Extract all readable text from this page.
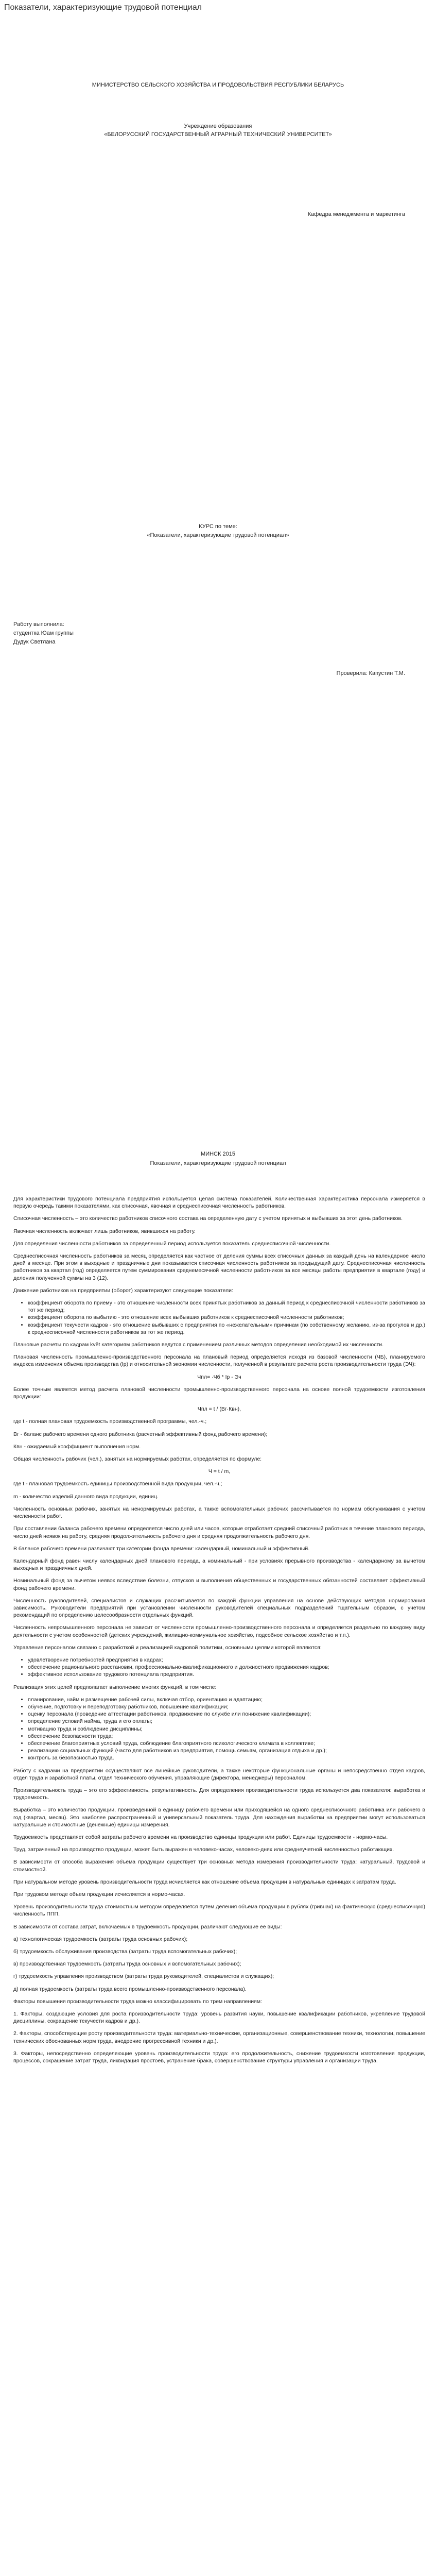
Показатели, характеризующие трудовой потенциал
МИНИСТЕРСТВО СЕЛЬСКОГО ХОЗЯЙСТВА И ПРОДОВОЛЬСТВИЯ РЕСПУБЛИКИ БЕЛАРУСЬ
Учреждение образования
«БЕЛОРУССКИЙ ГОСУДАРСТВЕННЫЙ АГРАРНЫЙ ТЕХНИЧЕСКИЙ УНИВЕРСИТЕТ»
Кафедра менеджмента и маркетинга
КУРС по теме:
«Показатели, характеризующие трудовой потенциал»
Работу выполнила:
студентка Юам группы
Дудук Светлана
Проверила: Капустин Т.М.
МИНСК 2015
Показатели, характеризующие трудовой потенциал

Для характеристики трудового потенциала предприятия используется целая система показателей. Количественная характеристика персонала измеряется в первую очередь такими показателями, как списочная, явочная и среднесписочная численность работников.

Списочная численность – это количество работников списочного состава на определенную дату с учетом принятых и выбывших за этот день работников.

Явочная численность включает лишь работников, явившихся на работу.

Для определения численности работников за определенный период используется показатель среднесписочной численности.

Среднесписочная численность работников за месяц определяется как частное от деления суммы всех списочных данных за каждый день на календарное число дней в месяце. При этом в выходные и праздничные дни показывается списочная численность работников за предыдущий дату. Среднесписочная численность работников за квартал (год) определяется путем суммирования среднемесячной численности работников за все месяцы работы предприятия в квартале (году) и деления полученной суммы на 3 (12).

Движение работников на предприятии (оборот) характеризуют следующие показатели:

• коэффициент оборота по приему - это отношение численности всех принятых работников за данный период к среднесписочной численности работников за тот же период;
• коэффициент оборота по выбытию - это отношение всех выбывших работников к среднесписочной численности работников;
• коэффициент текучести кадров - это отношение выбывших с предприятия по «нежелательным» причинам (по собственному желанию, из-за прогулов и др.) к среднесписочной численности работников за тот же период.

Плановые расчеты по кадрам květ категориям работников ведутся с применением различных методов определения необходимой их численности.

Плановая численность промышленно-производственного персонала на плановый период определяется исходя из базовой численности (ЧБ), планируемого индекса изменения объема производства (Ip) и относительной экономии численности, полученной в результате расчета роста производительности труда (ЭЧ):

Чпл= ·Чб * Ip - Эч

Более точным является метод расчета плановой численности промышленно-производственного персонала на основе полной трудоемкости изготовления продукции:

Чпл = t / (Вг·Квн),

где t - полная плановая трудоемкость производственной программы, чел.-ч.;

Вг - баланс рабочего времени одного работника (расчетный эффективный фонд рабочего времени);

Квн - ожидаемый коэффициент выполнения норм.

Общая численность рабочих (чел.), занятых на нормируемых работах, определяется по формуле:

Ч = t / m,

где t - плановая трудоемкость единицы производственной вида продукции, чел.-ч.;

m - количество изделий данного вида продукции, единиц.

Численность основных рабочих, занятых на ненормируемых работах, а также вспомогательных рабочих рассчитывается по нормам обслуживания с учетом численности работ.

При составлении баланса рабочего времени определяется число дней или часов, которые отработает средний списочный работник в течение планового периода, число дней неявок на работу, средняя продолжительность рабочего дня и средняя продолжительность рабочего дня.

В балансе рабочего времени различают три категории фонда времени: календарный, номинальный и эффективный.

Календарный фонд равен числу календарных дней планового периода, а номинальный - при условиях прерывного производства - календарному за вычетом выходных и праздничных дней.

Номинальный фонд за вычетом неявок вследствие болезни, отпусков и выполнения общественных и государственных обязанностей составляет эффективный фонд рабочего времени.

Численность руководителей, специалистов и служащих рассчитывается по каждой функции управления на основе действующих методов нормирования зависимость. Руководители предприятий при установлении численности руководителей специальных подразделений тщательным образом, с учетом рекомендаций по определению целесообразности отдельных функций.

Численность непромышленного персонала не зависит от численности промышленно-производственного персонала и определяется раздельно по каждому виду деятельности с учетом особенностей (детских учреждений, жилищно-коммунальное хозяйство, подсобное сельское хозяйство и т.п.).

Управление персоналом связано с разработкой и реализацией кадровой политики, основными целями которой являются:

• удовлетворение потребностей предприятия в кадрах;
• обеспечение рационального расстановки, профессионально-квалификационного и должностного продвижения кадров;
• эффективное использование трудового потенциала предприятия.

Реализация этих целей предполагает выполнение многих функций, в том числе:

• планирование, найм и размещение рабочей силы, включая отбор, ориентацию и адаптацию;
• обучение, подготовку и переподготовку работников, повышение квалификации;
• оценку персонала (проведение аттестации работников, продвижение по службе или понижение квалификации);
• определение условий найма, труда и его оплаты;
• мотивацию труда и соблюдение дисциплины;
• обеспечение безопасности труда;
• обеспечение благоприятных условий труда, соблюдение благоприятного психологического климата в коллективе;
• реализацию социальных функций (часто для работников из предприятия, помощь семьям, организация отдыха и др.);
• контроль за безопасностью труда.

Работу с кадрами на предприятии осуществляют все линейные руководители, а также некоторые функциональные органы и непосредственно отдел кадров, отдел труда и заработной платы, отдел технического обучения, управляющие (директора, менеджеры) персоналом.

Производительность труда – это его эффективность, результативность. Для определения производительности труда используется два показателя: выработка и трудоемкость.

Выработка – это количество продукции, произведенной в единицу рабочего времени или приходящейся на одного среднесписочного работника или рабочего в год (квартал, месяц). Это наиболее распространенный и универсальный показатель труда. Для нахождения выработки на предприятии могут использоваться натуральные и стоимостные (денежные) единицы измерения.

Трудоемкость представляет собой затраты рабочего времени на производство единицы продукции или работ. Единицы трудоемкости - нормо-часы.

Труд, затраченный на производство продукции, может быть выражен в человеко-часах, человеко-днях или среднеучетной численностью работающих.

В зависимости от способа выражения объема продукции существует три основных метода измерения производительности труда: натуральный, трудовой и стоимостной.

При натуральном методе уровень производительности труда исчисляется как отношение объема продукции в натуральных единицах к затратам труда.

При трудовом методе объем продукции исчисляется в нормо-часах.

Уровень производительности труда стоимостным методом определяется путем деления объема продукции в рублях (гривнах) на фактическую (среднесписочную) численность ППП.

В зависимости от состава затрат, включаемых в трудоемкость продукции, различают следующие ее виды:

а) технологическая трудоемкость (затраты труда основных рабочих);

б) трудоемкость обслуживания производства (затраты труда вспомогательных рабочих);

в) производственная трудоемкость (затраты труда основных и вспомогательных рабочих);

г) трудоемкость управления производством (затраты труда руководителей, специалистов и служащих);

д) полная трудоемкость (затраты труда всего промышленно-производственного персонала).

Факторы повышения производительности труда можно классифицировать по трем направлениям:

1. Факторы, создающие условия для роста производительности труда: уровень развития науки, повышение квалификации работников, укрепление трудовой дисциплины, сокращение текучести кадров и др.).

2. Факторы, способствующие росту производительности труда: материально-технические, организационные, совершенствование техники, технологии, повышение технических обоснованных норм труда, внедрение прогрессивной техники и др.).

3. Факторы, непосредственно определяющие уровень производительности труда: его продолжительность, снижение трудоемкости изготовления продукции, процессов, сокращение затрат труда, ликвидация простоев, устранение брака, совершенствование структуры управления и организации труда.
